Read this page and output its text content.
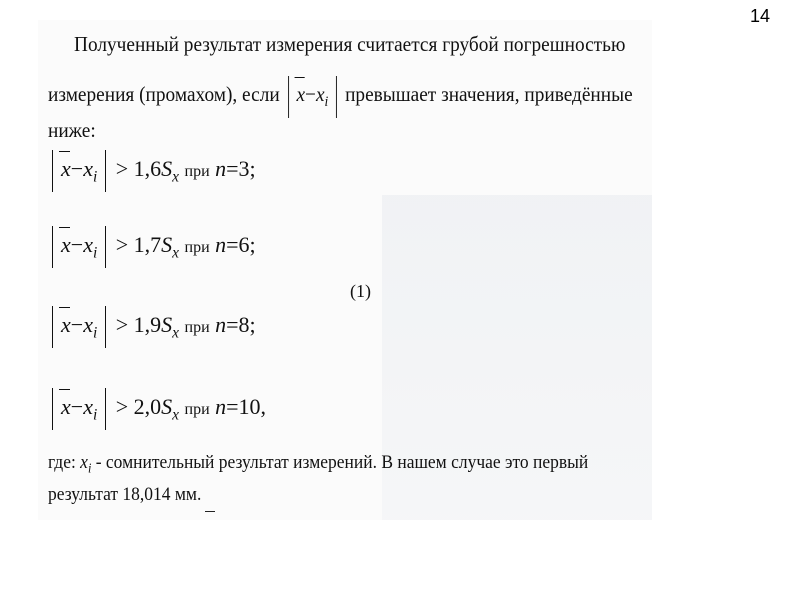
14
Полученный результат измерения считается грубой погрешностью
измерения (промахом), если $x-x_i$ превышает значения, приведённые
ниже:
$x-x_i > 1,6S_x$ при n=3;
$x-x_i > 1,7S_x$ при n=6;
(1)
$x-x_i > 1,9S_x$ при n=8;
$x-x_i > 2,0S_x$ при n=10,
где: $x_i$ - сомнительный результат измерений. В нашем случае это первый
результат 18,014 мм.
